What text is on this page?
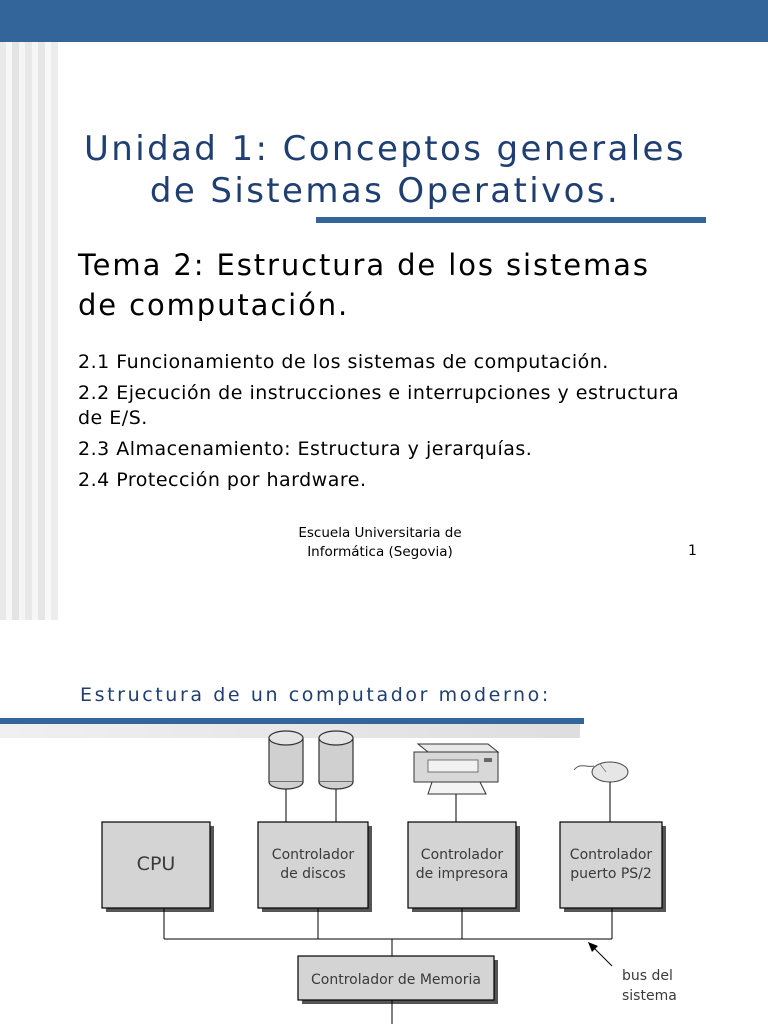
Unidad 1: Conceptos generales
de Sistemas Operativos.
Tema 2: Estructura de los sistemas
de computación.
2.1 Funcionamiento de los sistemas de computación.
2.2 Ejecución de instrucciones e interrupciones y estructura de E/S.
2.3 Almacenamiento: Estructura y jerarquías.
2.4 Protección por hardware.
Escuela Universitaria de
Informática (Segovia)	1
Estructura de un computador moderno:
CPU	Controlador
de discos
Controlador
de impresora
Controlador
puerto PS/2
Controlador de Memoria	bus del
sistema
